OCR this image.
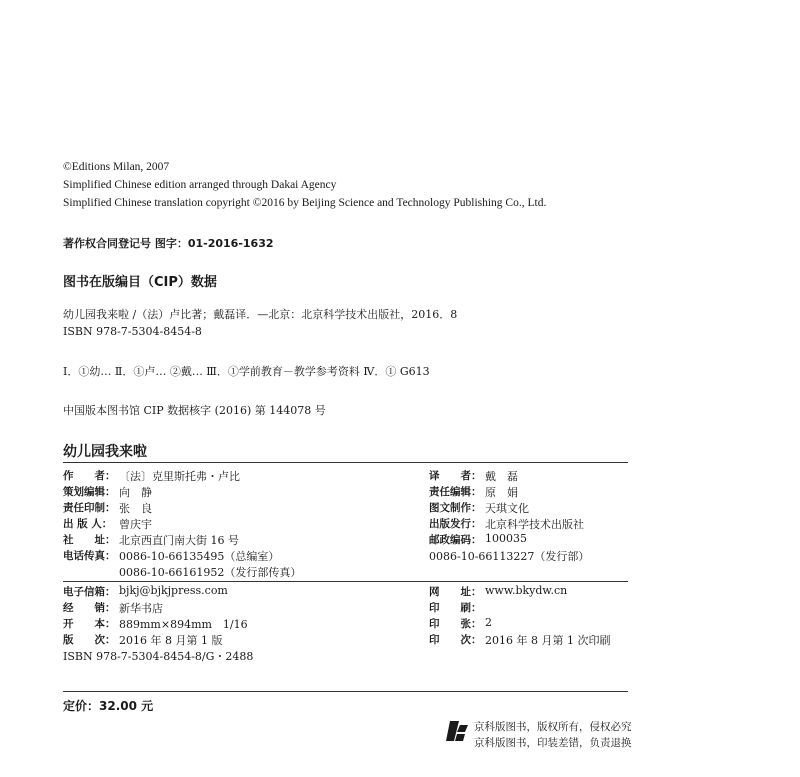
©Editions Milan, 2007
Simplified Chinese edition arranged through Dakai Agency
Simplified Chinese translation copyright ©2016 by Beijing Science and Technology Publishing Co., Ltd.
著作权合同登记号 图字：01-2016-1632
图书在版编目（CIP）数据
幼儿园我来啦 /（法）卢比著；戴磊译．—北京：北京科学技术出版社，2016．8
ISBN 978-7-5304-8454-8
Ⅰ．①幼… Ⅱ．①卢… ②戴… Ⅲ．①学前教育－教学参考资料 Ⅳ．① G613
中国版本图书馆 CIP 数据核字 (2016) 第 144078 号
幼儿园我来啦
作　　者： 〔法〕克里斯托弗・卢比	译　　者： 戴　磊
策划编辑： 向　静	责任编辑： 原　娟
责任印制： 张　良	图文制作： 天琪文化
出 版 人： 曾庆宇	出版发行： 北京科学技术出版社
社　　址： 北京西直门南大街 16 号	邮政编码： 100035
电话传真： 0086-10-66135495（总编室）	0086-10-66113227（发行部）
0086-10-66161952（发行部传真）
电子信箱： bjkj@bjkjpress.com	网　　址： www.bkydw.cn
经　　销： 新华书店	印　　刷：
开　　本： 889mm×894mm　1/16	印　　张： 2
版　　次： 2016 年 8 月第 1 版	印　　次： 2016 年 8 月第 1 次印刷
ISBN 978-7-5304-8454-8/G・2488
定价：32.00 元
京科版图书，版权所有，侵权必究
京科版图书，印装差错，负责退换
